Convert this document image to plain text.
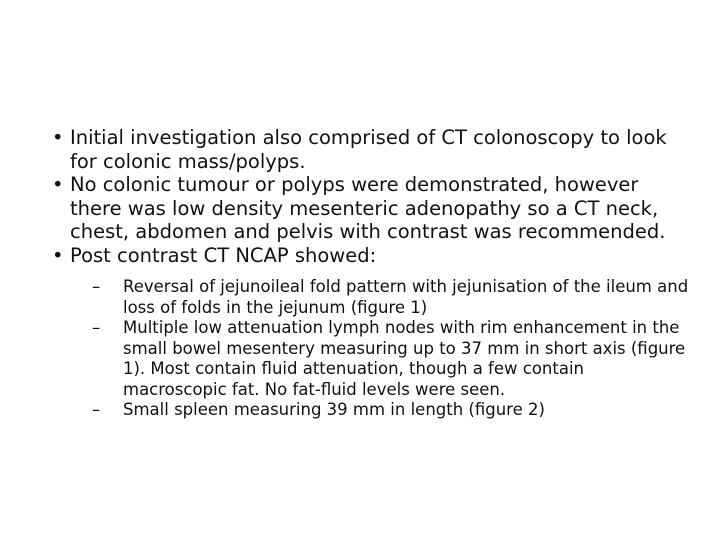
• Initial investigation also comprised of CT colonoscopy to look for colonic mass/polyps.
• No colonic tumour or polyps were demonstrated, however there was low density mesenteric adenopathy so a CT neck, chest, abdomen and pelvis with contrast was recommended.
• Post contrast CT NCAP showed:
– Reversal of jejunoileal fold pattern with jejunisation of the ileum and loss of folds in the jejunum (figure 1)
– Multiple low attenuation lymph nodes with rim enhancement in the small bowel mesentery measuring up to 37 mm in short axis (figure 1). Most contain fluid attenuation, though a few contain macroscopic fat. No fat-fluid levels were seen.
– Small spleen measuring 39 mm in length (figure 2)
